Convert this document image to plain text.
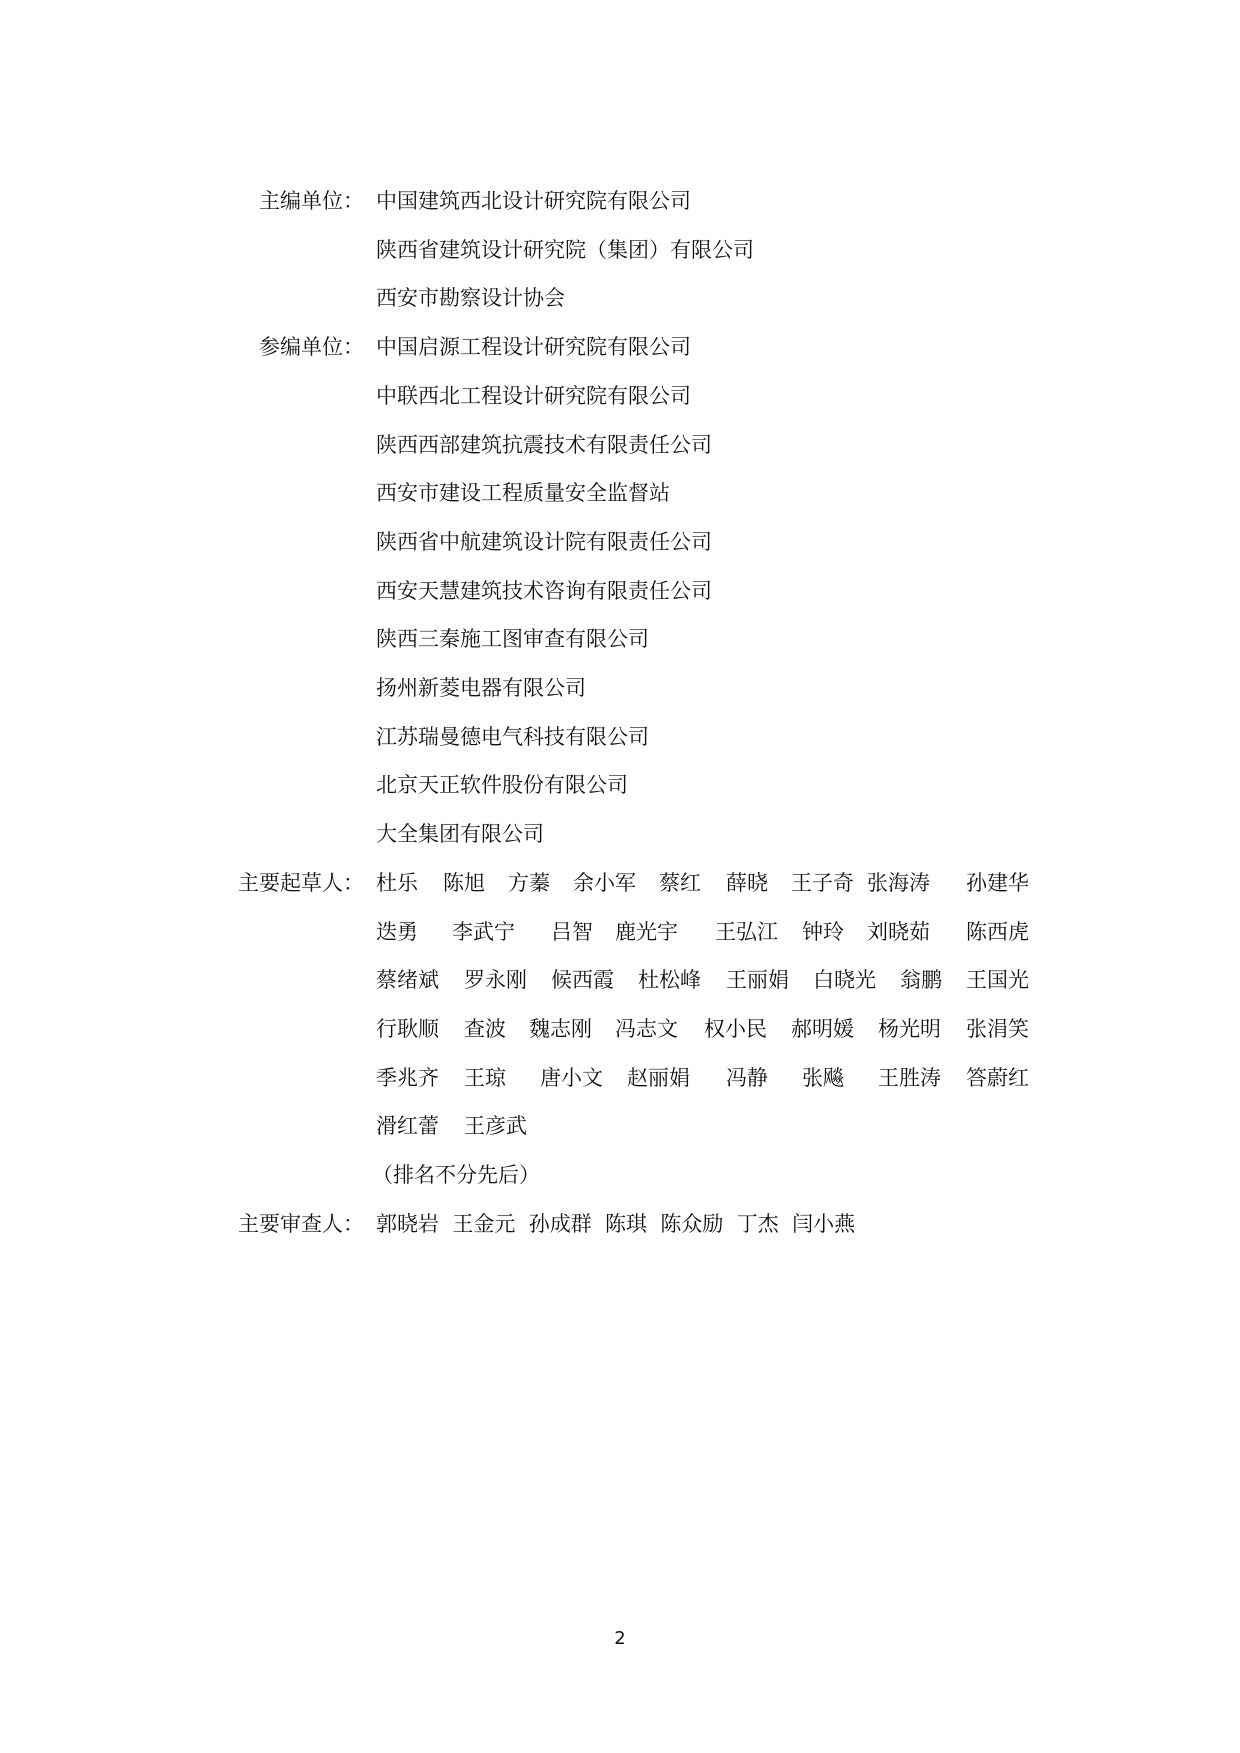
主编单位： 中国建筑西北设计研究院有限公司
陕西省建筑设计研究院（集团）有限公司
西安市勘察设计协会
参编单位： 中国启源工程设计研究院有限公司
中联西北工程设计研究院有限公司
陕西西部建筑抗震技术有限责任公司
西安市建设工程质量安全监督站
陕西省中航建筑设计院有限责任公司
西安天慧建筑技术咨询有限责任公司
陕西三秦施工图审查有限公司
扬州新菱电器有限公司
江苏瑞曼德电气科技有限公司
北京天正软件股份有限公司
大全集团有限公司
主要起草人： 杜乐 陈旭 方蓁 余小军 蔡红 薛晓 王子奇 张海涛 孙建华
迭勇 李武宁 吕智 鹿光宇 王弘江 钟玲 刘晓茹 陈西虎
蔡绪斌 罗永刚 候西霞 杜松峰 王丽娟 白晓光 翁鹏 王国光
行耿顺 查波 魏志刚 冯志文 权小民 郝明媛 杨光明 张涓笑
季兆齐 王琼 唐小文 赵丽娟 冯静 张飚 王胜涛 答蔚红
滑红蕾 王彦武
（排名不分先后）
主要审查人： 郭晓岩  王金元  孙成群  陈琪  陈众励  丁杰  闫小燕
2
